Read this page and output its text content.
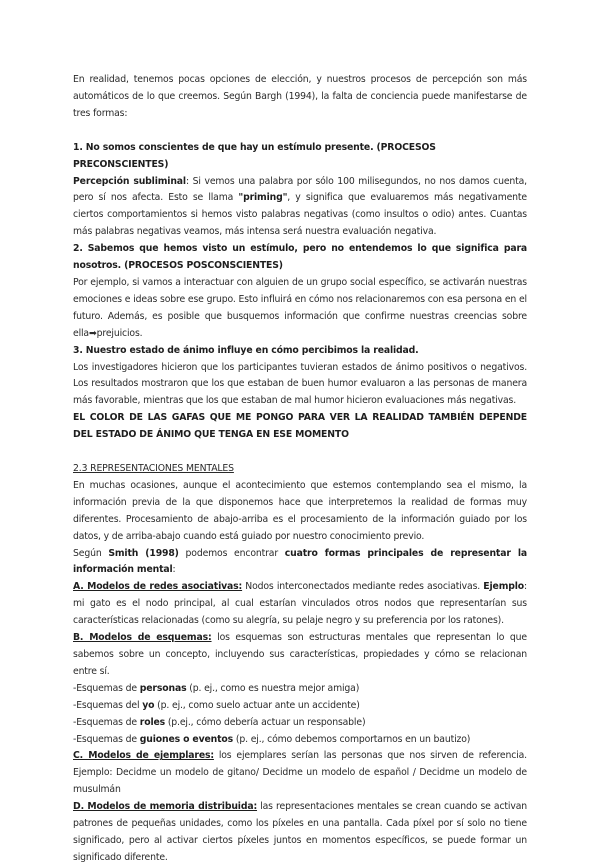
En realidad, tenemos pocas opciones de elección, y nuestros procesos de percepción son más automáticos de lo que creemos. Según Bargh (1994), la falta de conciencia puede manifestarse de tres formas:

1. No somos conscientes de que hay un estímulo presente. (PROCESOS PRECONSCIENTES)

Percepción subliminal: Si vemos una palabra por sólo 100 milisegundos, no nos damos cuenta, pero sí nos afecta. Esto se llama "priming", y significa que evaluaremos más negativamente ciertos comportamientos si hemos visto palabras negativas (como insultos o odio) antes. Cuantas más palabras negativas veamos, más intensa será nuestra evaluación negativa.

2. Sabemos que hemos visto un estímulo, pero no entendemos lo que significa para nosotros. (PROCESOS POSCONSCIENTES)

Por ejemplo, si vamos a interactuar con alguien de un grupo social específico, se activarán nuestras emociones e ideas sobre ese grupo. Esto influirá en cómo nos relacionaremos con esa persona en el futuro. Además, es posible que busquemos información que confirme nuestras creencias sobre ella➡prejuicios.

3. Nuestro estado de ánimo influye en cómo percibimos la realidad.

Los investigadores hicieron que los participantes tuvieran estados de ánimo positivos o negativos. Los resultados mostraron que los que estaban de buen humor evaluaron a las personas de manera más favorable, mientras que los que estaban de mal humor hicieron evaluaciones más negativas.

EL COLOR DE LAS GAFAS QUE ME PONGO PARA VER LA REALIDAD TAMBIÉN DEPENDE DEL ESTADO DE ÁNIMO QUE TENGA EN ESE MOMENTO

2.3 REPRESENTACIONES MENTALES

En muchas ocasiones, aunque el acontecimiento que estemos contemplando sea el mismo, la información previa de la que disponemos hace que interpretemos la realidad de formas muy diferentes. Procesamiento de abajo-arriba es el procesamiento de la información guiado por los datos, y de arriba-abajo cuando está guiado por nuestro conocimiento previo.

Según Smith (1998) podemos encontrar cuatro formas principales de representar la información mental:

A. Modelos de redes asociativas: Nodos interconectados mediante redes asociativas. Ejemplo: mi gato es el nodo principal, al cual estarían vinculados otros nodos que representarían sus características relacionadas (como su alegría, su pelaje negro y su preferencia por los ratones).

B. Modelos de esquemas: los esquemas son estructuras mentales que representan lo que sabemos sobre un concepto, incluyendo sus características, propiedades y cómo se relacionan entre sí.

-Esquemas de personas (p. ej., como es nuestra mejor amiga)

-Esquemas del yo (p. ej., como suelo actuar ante un accidente)

-Esquemas de roles (p.ej., cómo debería actuar un responsable)

-Esquemas de guiones o eventos (p. ej., cómo debemos comportarnos en un bautizo)

C. Modelos de ejemplares: los ejemplares serían las personas que nos sirven de referencia. Ejemplo: Decidme un modelo de gitano/ Decidme un modelo de español / Decidme un modelo de musulmán

D. Modelos de memoria distribuida: las representaciones mentales se crean cuando se activan patrones de pequeñas unidades, como los píxeles en una pantalla. Cada píxel por sí solo no tiene significado, pero al activar ciertos píxeles juntos en momentos específicos, se puede formar un significado diferente.
